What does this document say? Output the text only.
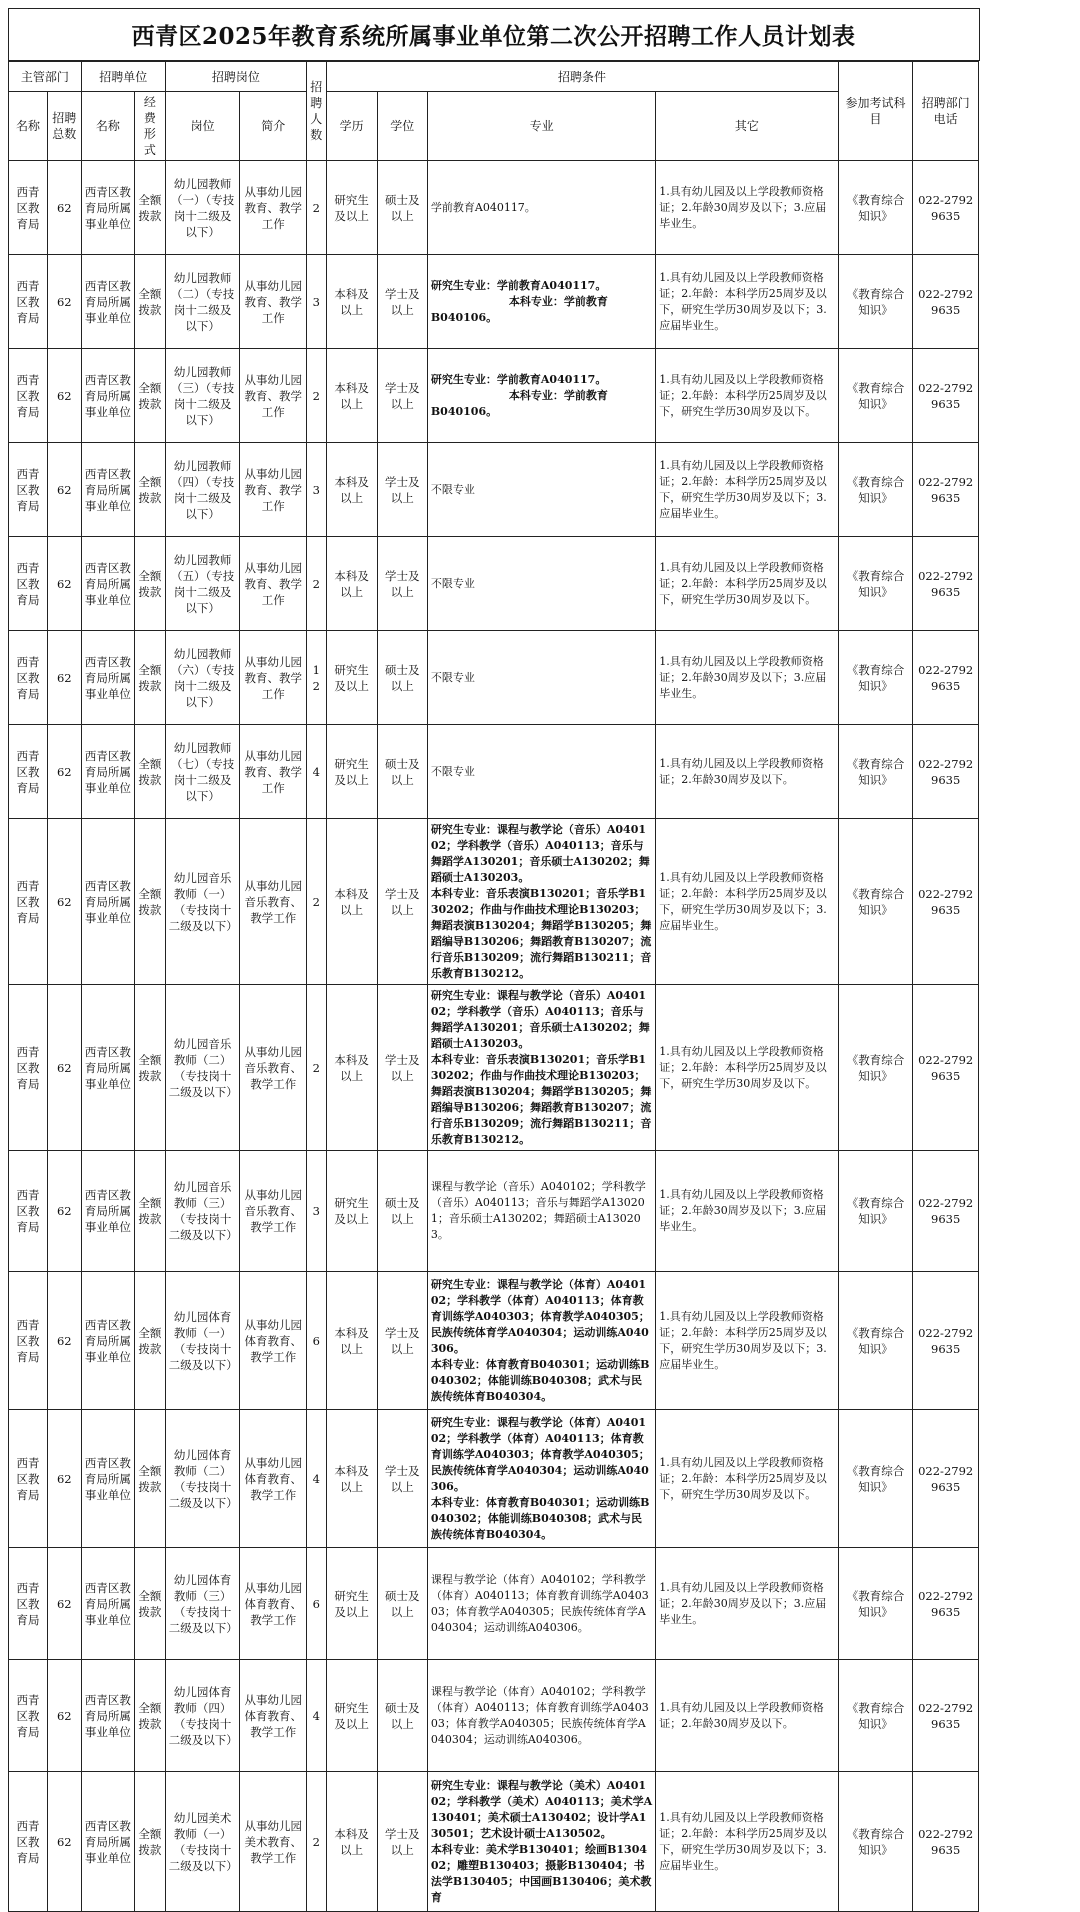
西青区2025年教育系统所属事业单位第二次公开招聘工作人员计划表
主管部门		招聘单位		招聘岗位		招聘人数	招聘条件				参加考试科目	招聘部门电话
名称	招聘总数	名称	经费形式	岗位	简介		学历	学位	专业	其它		
西青区教育局	62	西青区教育局所属事业单位	全额拨款	幼儿园教师（一）（专技岗十二级及以下）	从事幼儿园教育、教学工作	2	研究生及以上	硕士及以上	学前教育A040117。	1.具有幼儿园及以上学段教师资格证；2.年龄30周岁及以下；3.应届毕业生。	《教育综合知识》	022-27929635
西青区教育局	62	西青区教育局所属事业单位	全额拨款	幼儿园教师（二）（专技岗十二级及以下）	从事幼儿园教育、教学工作	3	本科及以上	学士及以上	研究生专业：学前教育A040117。
本科专业：学前教育
B040106。	1.具有幼儿园及以上学段教师资格证；2.年龄：本科学历25周岁及以下，研究生学历30周岁及以下；3.应届毕业生。	《教育综合知识》	022-27929635
西青区教育局	62	西青区教育局所属事业单位	全额拨款	幼儿园教师（三）（专技岗十二级及以下）	从事幼儿园教育、教学工作	2	本科及以上	学士及以上	研究生专业：学前教育A040117。
本科专业：学前教育
B040106。	1.具有幼儿园及以上学段教师资格证；2.年龄：本科学历25周岁及以下，研究生学历30周岁及以下。	《教育综合知识》	022-27929635
西青区教育局	62	西青区教育局所属事业单位	全额拨款	幼儿园教师（四）（专技岗十二级及以下）	从事幼儿园教育、教学工作	3	本科及以上	学士及以上	不限专业	1.具有幼儿园及以上学段教师资格证；2.年龄：本科学历25周岁及以下，研究生学历30周岁及以下；3.应届毕业生。	《教育综合知识》	022-27929635
西青区教育局	62	西青区教育局所属事业单位	全额拨款	幼儿园教师（五）（专技岗十二级及以下）	从事幼儿园教育、教学工作	2	本科及以上	学士及以上	不限专业	1.具有幼儿园及以上学段教师资格证；2.年龄：本科学历25周岁及以下，研究生学历30周岁及以下。	《教育综合知识》	022-27929635
西青区教育局	62	西青区教育局所属事业单位	全额拨款	幼儿园教师（六）（专技岗十二级及以下）	从事幼儿园教育、教学工作	12	研究生及以上	硕士及以上	不限专业	1.具有幼儿园及以上学段教师资格证；2.年龄30周岁及以下；3.应届毕业生。	《教育综合知识》	022-27929635
西青区教育局	62	西青区教育局所属事业单位	全额拨款	幼儿园教师（七）（专技岗十二级及以下）	从事幼儿园教育、教学工作	4	研究生及以上	硕士及以上	不限专业	1.具有幼儿园及以上学段教师资格证；2.年龄30周岁及以下。	《教育综合知识》	022-27929635
西青区教育局	62	西青区教育局所属事业单位	全额拨款	幼儿园音乐教师（一）（专技岗十二级及以下）	从事幼儿园音乐教育、教学工作	2	本科及以上	学士及以上	研究生专业：课程与教学论（音乐）A040102；学科教学（音乐）A040113；音乐与舞蹈学A130201；音乐硕士A130202；舞蹈硕士A130203。
本科专业：音乐表演B130201；音乐学B130202；作曲与作曲技术理论B130203；舞蹈表演B130204；舞蹈学B130205；舞蹈编导B130206；舞蹈教育B130207；流行音乐B130209；流行舞蹈B130211；音乐教育B130212。	1.具有幼儿园及以上学段教师资格证；2.年龄：本科学历25周岁及以下，研究生学历30周岁及以下；3.应届毕业生。	《教育综合知识》	022-27929635
西青区教育局	62	西青区教育局所属事业单位	全额拨款	幼儿园音乐教师（二）（专技岗十二级及以下）	从事幼儿园音乐教育、教学工作	2	本科及以上	学士及以上	研究生专业：课程与教学论（音乐）A040102；学科教学（音乐）A040113；音乐与舞蹈学A130201；音乐硕士A130202；舞蹈硕士A130203。
本科专业：音乐表演B130201；音乐学B130202；作曲与作曲技术理论B130203；舞蹈表演B130204；舞蹈学B130205；舞蹈编导B130206；舞蹈教育B130207；流行音乐B130209；流行舞蹈B130211；音乐教育B130212。	1.具有幼儿园及以上学段教师资格证；2.年龄：本科学历25周岁及以下，研究生学历30周岁及以下。	《教育综合知识》	022-27929635
西青区教育局	62	西青区教育局所属事业单位	全额拨款	幼儿园音乐教师（三）（专技岗十二级及以下）	从事幼儿园音乐教育、教学工作	3	研究生及以上	硕士及以上	课程与教学论（音乐）A040102；学科教学（音乐）A040113；音乐与舞蹈学A130201；音乐硕士A130202；舞蹈硕士A130203。	1.具有幼儿园及以上学段教师资格证；2.年龄30周岁及以下；3.应届毕业生。	《教育综合知识》	022-27929635
西青区教育局	62	西青区教育局所属事业单位	全额拨款	幼儿园体育教师（一）（专技岗十二级及以下）	从事幼儿园体育教育、教学工作	6	本科及以上	学士及以上	研究生专业：课程与教学论（体育）A040102；学科教学（体育）A040113；体育教育训练学A040303；体育教学A040305；民族传统体育学A040304；运动训练A040306。
本科专业：体育教育B040301；运动训练B040302；体能训练B040308；武术与民族传统体育B040304。	1.具有幼儿园及以上学段教师资格证；2.年龄：本科学历25周岁及以下，研究生学历30周岁及以下；3.应届毕业生。	《教育综合知识》	022-27929635
西青区教育局	62	西青区教育局所属事业单位	全额拨款	幼儿园体育教师（二）（专技岗十二级及以下）	从事幼儿园体育教育、教学工作	4	本科及以上	学士及以上	研究生专业：课程与教学论（体育）A040102；学科教学（体育）A040113；体育教育训练学A040303；体育教学A040305；民族传统体育学A040304；运动训练A040306。
本科专业：体育教育B040301；运动训练B040302；体能训练B040308；武术与民族传统体育B040304。	1.具有幼儿园及以上学段教师资格证；2.年龄：本科学历25周岁及以下，研究生学历30周岁及以下。	《教育综合知识》	022-27929635
西青区教育局	62	西青区教育局所属事业单位	全额拨款	幼儿园体育教师（三）（专技岗十二级及以下）	从事幼儿园体育教育、教学工作	6	研究生及以上	硕士及以上	课程与教学论（体育）A040102；学科教学（体育）A040113；体育教育训练学A040303；体育教学A040305；民族传统体育学A040304；运动训练A040306。	1.具有幼儿园及以上学段教师资格证；2.年龄30周岁及以下；3.应届毕业生。	《教育综合知识》	022-27929635
西青区教育局	62	西青区教育局所属事业单位	全额拨款	幼儿园体育教师（四）（专技岗十二级及以下）	从事幼儿园体育教育、教学工作	4	研究生及以上	硕士及以上	课程与教学论（体育）A040102；学科教学（体育）A040113；体育教育训练学A040303；体育教学A040305；民族传统体育学A040304；运动训练A040306。	1.具有幼儿园及以上学段教师资格证；2.年龄30周岁及以下。	《教育综合知识》	022-27929635
西青区教育局	62	西青区教育局所属事业单位	全额拨款	幼儿园美术教师（一）（专技岗十二级及以下）	从事幼儿园美术教育、教学工作	2	本科及以上	学士及以上	研究生专业：课程与教学论（美术）A040102；学科教学（美术）A040113；美术学A130401；美术硕士A130402；设计学A130501；艺术设计硕士A130502。
本科专业：美术学B130401；绘画B130402；雕塑B130403；摄影B130404；书法学B130405；中国画B130406；美术教育	1.具有幼儿园及以上学段教师资格证；2.年龄：本科学历25周岁及以下，研究生学历30周岁及以下；3.应届毕业生。	《教育综合知识》	022-27929635
